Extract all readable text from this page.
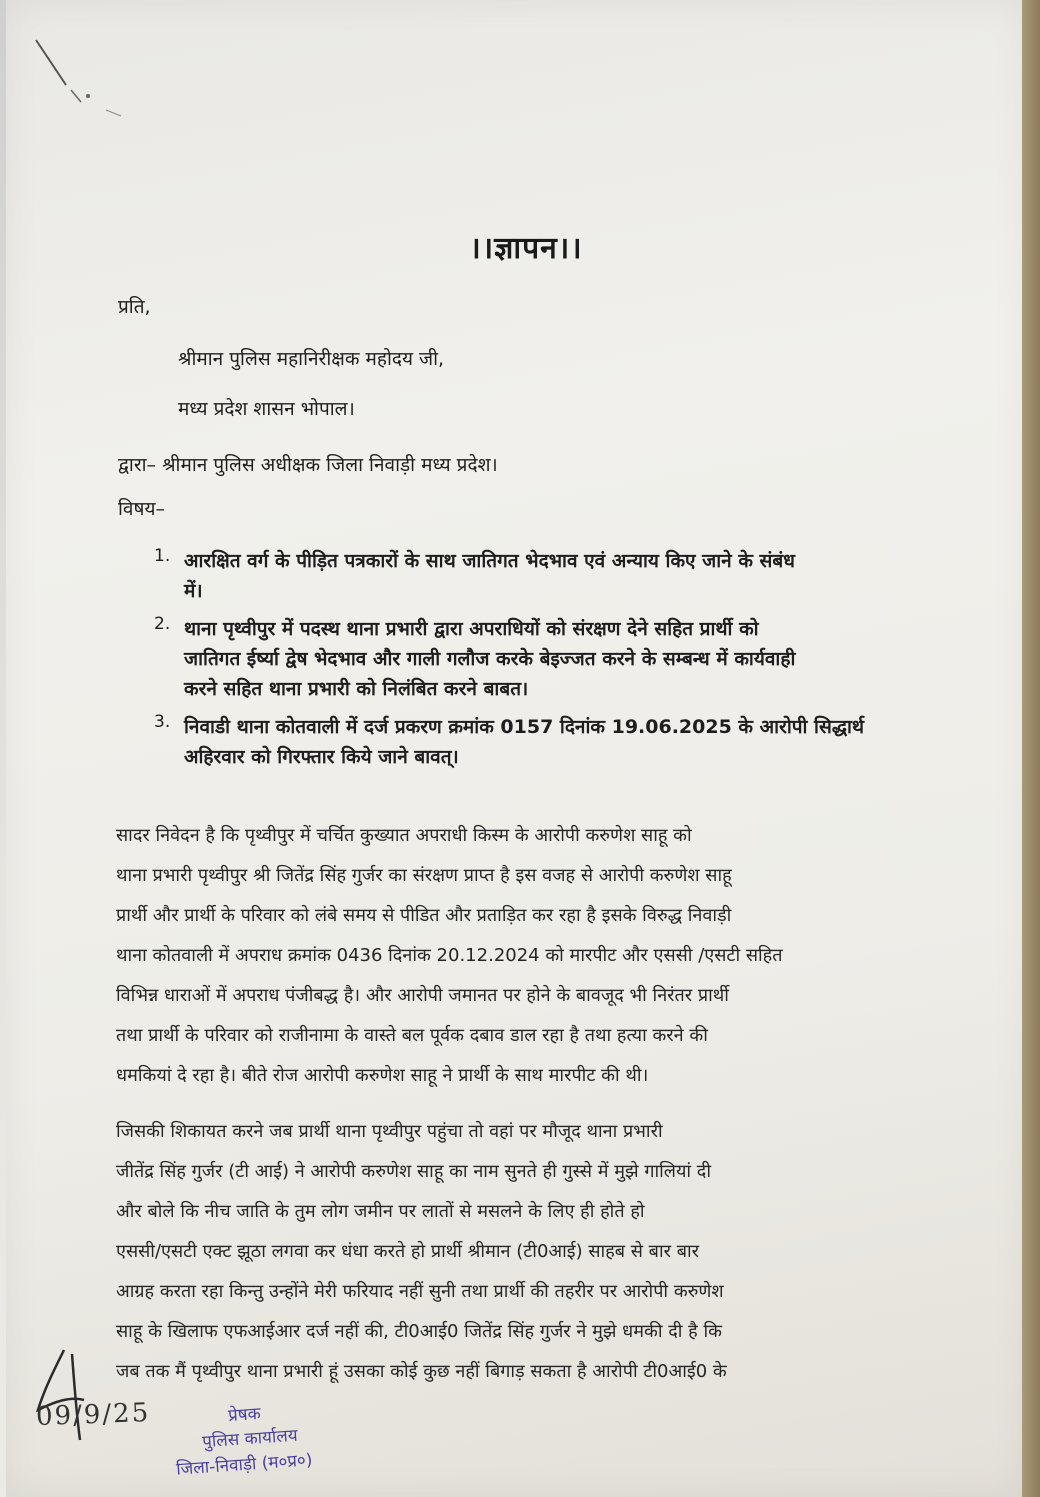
।।ज्ञापन।।
प्रति,
श्रीमान पुलिस महानिरीक्षक महोदय जी,
मध्य प्रदेश शासन भोपाल।
द्वारा– श्रीमान पुलिस अधीक्षक जिला निवाड़ी मध्य प्रदेश।
विषय–
1. आरक्षित वर्ग के पीड़ित पत्रकारों के साथ जातिगत भेदभाव एवं अन्याय किए जाने के संबंध
में।
2. थाना पृथ्वीपुर में पदस्थ थाना प्रभारी द्वारा अपराधियों को संरक्षण देने सहित प्रार्थी को
जातिगत ईर्ष्या द्वेष भेदभाव और गाली गलौज करके बेइज्जत करने के सम्बन्ध में कार्यवाही
करने सहित थाना प्रभारी को निलंबित करने बाबत।
3. निवाडी थाना कोतवाली में दर्ज प्रकरण क्रमांक 0157 दिनांक 19.06.2025 के आरोपी सिद्धार्थ
अहिरवार को गिरफ्तार किये जाने बावत्।
सादर निवेदन है कि पृथ्वीपुर में चर्चित कुख्यात अपराधी किस्म के आरोपी करुणेश साहू को
थाना प्रभारी पृथ्वीपुर श्री जितेंद्र सिंह गुर्जर का संरक्षण प्राप्त है इस वजह से आरोपी करुणेश साहू
प्रार्थी और प्रार्थी के परिवार को लंबे समय से पीडित और प्रताड़ित कर रहा है इसके विरुद्ध निवाड़ी
थाना कोतवाली में अपराध क्रमांक 0436 दिनांक 20.12.2024 को मारपीट और एससी /एसटी सहित
विभिन्न धाराओं में अपराध पंजीबद्ध है। और आरोपी जमानत पर होने के बावजूद भी निरंतर प्रार्थी
तथा प्रार्थी के परिवार को राजीनामा के वास्ते बल पूर्वक दबाव डाल रहा है तथा हत्या करने की
धमकियां दे रहा है। बीते रोज आरोपी करुणेश साहू ने प्रार्थी के साथ मारपीट की थी।
जिसकी शिकायत करने जब प्रार्थी थाना पृथ्वीपुर पहुंचा तो वहां पर मौजूद थाना प्रभारी
जीतेंद्र सिंह गुर्जर (टी आई) ने आरोपी करुणेश साहू का नाम सुनते ही गुस्से में मुझे गालियां दी
और बोले कि नीच जाति के तुम लोग जमीन पर लातों से मसलने के लिए ही होते हो
एससी/एसटी एक्ट झूठा लगवा कर धंधा करते हो प्रार्थी श्रीमान (टी0आई) साहब से बार बार
आग्रह करता रहा किन्तु उन्होंने मेरी फरियाद नहीं सुनी तथा प्रार्थी की तहरीर पर आरोपी करुणेश
साहू के खिलाफ एफआईआर दर्ज नहीं की, टी0आई0 जितेंद्र सिंह गुर्जर ने मुझे धमकी दी है कि
जब तक मैं पृथ्वीपुर थाना प्रभारी हूं उसका कोई कुछ नहीं बिगाड़ सकता है आरोपी टी0आई0 के
09/9/25	प्रेषक
पुलिस कार्यालय
जिला-निवाड़ी (म०प्र०)
